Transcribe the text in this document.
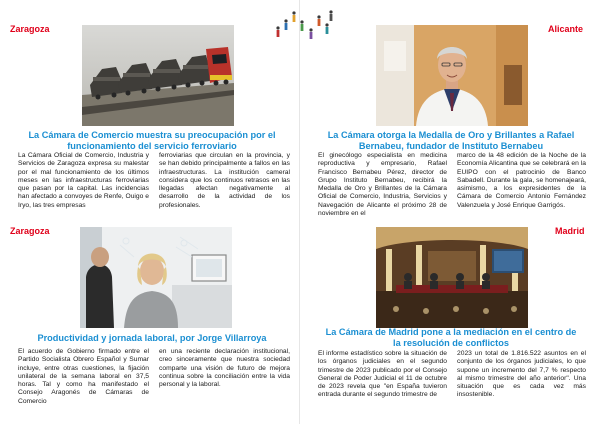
Zaragoza
La Cámara de Comercio muestra su preocupación por el funcionamiento del servicio ferroviario
La Cámara Oficial de Comercio, Industria y Servicios de Zaragoza expresa su malestar por el mal funcionamiento de los últimos meses en las infraestructuras ferroviarias que pasan por la capital. Las incidencias han afectado a convoyes de Renfe, Ouigo e Iryo, las tres empresas
ferroviarias que circulan en la provincia, y se han debido principalmente a fallos en las infraestructuras. La institución cameral considera que los continuos retrasos en las llegadas afectan negativamente al desarrollo de la actividad de los profesionales.
Alicante
La Cámara otorga la Medalla de Oro y Brillantes a Rafael Bernabeu, fundador de Instituto Bernabeu
El ginecólogo especialista en medicina reproductiva y empresario, Rafael Francisco Bernabeu Pérez, director de Grupo Instituto Bernabeu, recibirá la Medalla de Oro y Brillantes de la Cámara Oficial de Comercio, Industria, Servicios y Navegación de Alicante el próximo 28 de noviembre en el
marco de la 48 edición de la Noche de la Economía Alicantina que se celebrará en la EUIPO con el patrocinio de Banco Sabadell. Durante la gala, se homenajeará, asimismo, a los expresidentes de la Cámara de Comercio Antonio Fernández Valenzuela y José Enrique Garrigós.
Zaragoza
Productividad y jornada laboral, por Jorge Villarroya
El acuerdo de Gobierno firmado entre el Partido Socialista Obrero Español y Sumar incluye, entre otras cuestiones, la fijación unilateral de la semana laboral en 37,5 horas. Tal y como ha manifestado el Consejo Aragonés de Cámaras de Comercio
en una reciente declaración institucional, creo sinceramente que nuestra sociedad comparte una visión de futuro de mejora continua sobre la conciliación entre la vida personal y la laboral.
Madrid
La Cámara de Madrid pone a la mediación en el centro de la resolución de conflictos
El informe estadístico sobre la situación de los órganos judiciales en el segundo trimestre de 2023 publicado por el Consejo General de Poder Judicial el 11 de octubre de 2023 revela que "en España tuvieron entrada durante el segundo trimestre de
2023 un total de 1.816.522 asuntos en el conjunto de los órganos judiciales, lo que supone un incremento del 7,7 % respecto al mismo trimestre del año anterior". Una situación que es cada vez más insostenible.
